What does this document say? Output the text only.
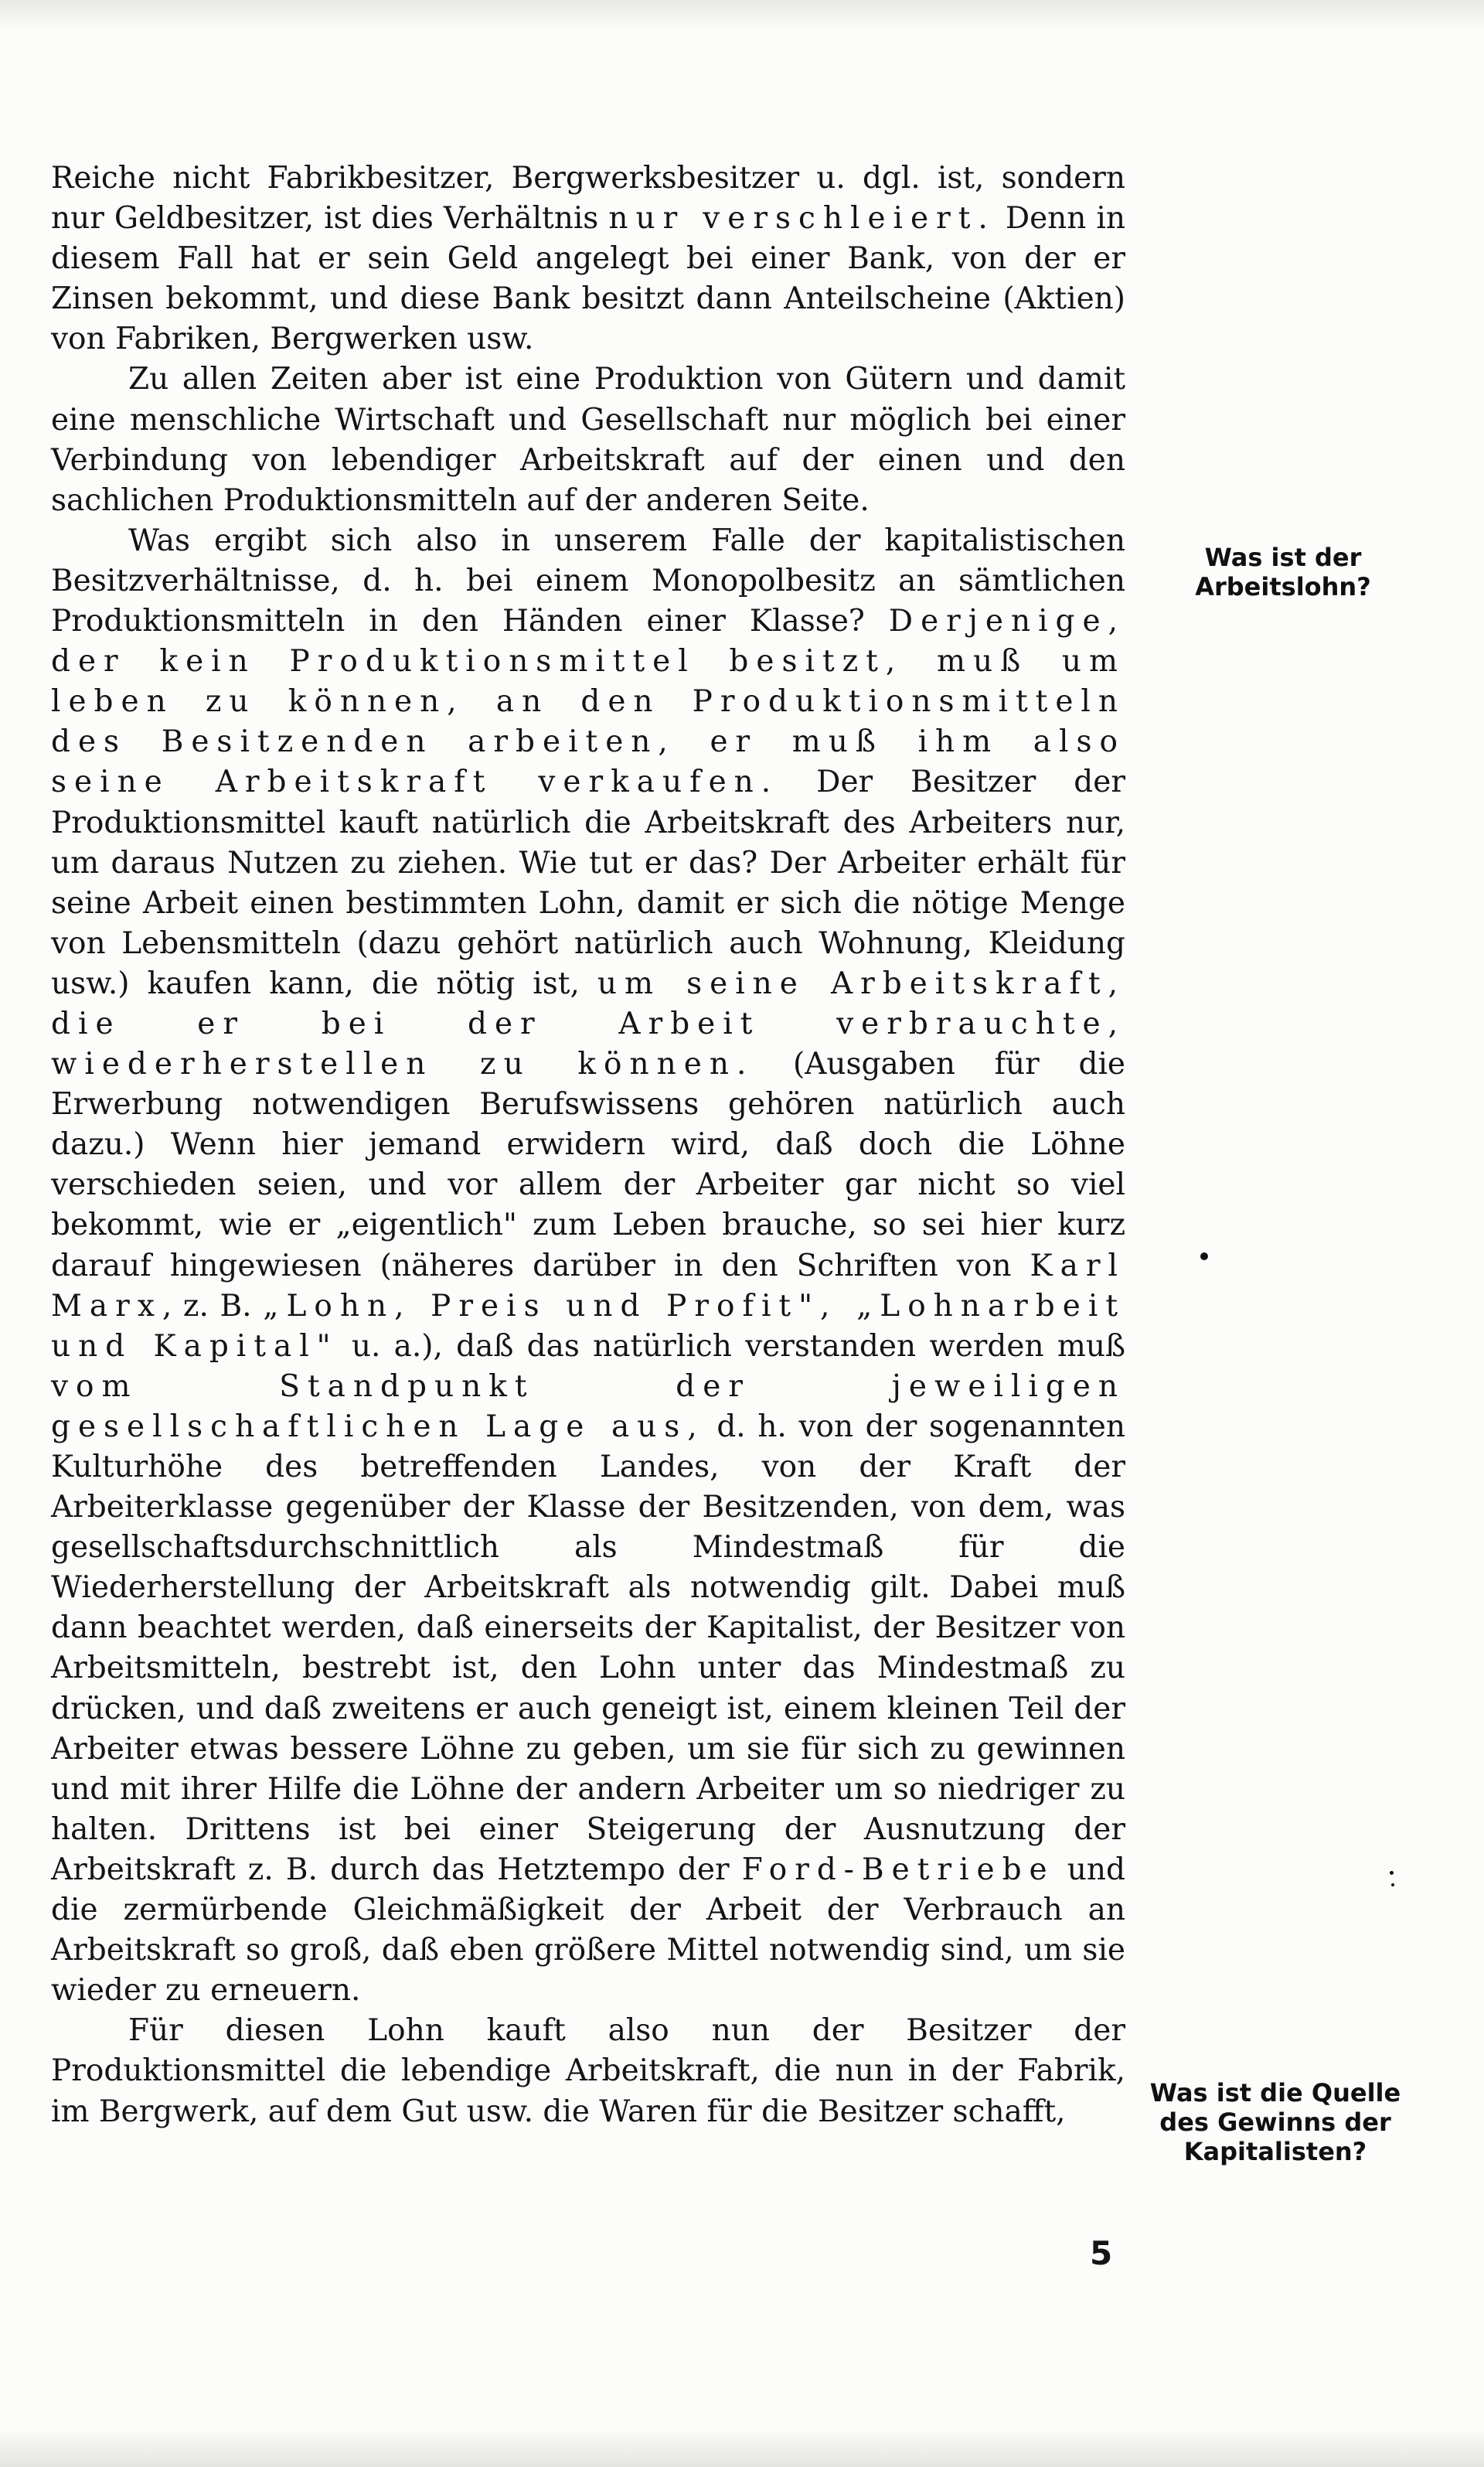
Reiche nicht Fabrikbesitzer, Bergwerksbesitzer u. dgl. ist, sondern nur Geldbesitzer, ist dies Verhältnis nur verschleiert. Denn in diesem Fall hat er sein Geld angelegt bei einer Bank, von der er Zinsen bekommt, und diese Bank besitzt dann Anteilscheine (Aktien) von Fabriken, Bergwerken usw.

Zu allen Zeiten aber ist eine Produktion von Gütern und damit eine menschliche Wirtschaft und Gesellschaft nur möglich bei einer Verbindung von lebendiger Arbeitskraft auf der einen und den sachlichen Produktionsmitteln auf der anderen Seite.

Was ergibt sich also in unserem Falle der kapitalistischen Besitzverhältnisse, d. h. bei einem Monopolbesitz an sämtlichen Produktionsmitteln in den Händen einer Klasse? Derjenige, der kein Produktionsmittel besitzt, muß um leben zu können, an den Produktionsmitteln des Besitzenden arbeiten, er muß ihm also seine Arbeitskraft verkaufen. Der Besitzer der Produktionsmittel kauft natürlich die Arbeitskraft des Arbeiters nur, um daraus Nutzen zu ziehen. Wie tut er das? Der Arbeiter erhält für seine Arbeit einen bestimmten Lohn, damit er sich die nötige Menge von Lebensmitteln (dazu gehört natürlich auch Wohnung, Kleidung usw.) kaufen kann, die nötig ist, um seine Arbeitskraft, die er bei der Arbeit verbrauchte, wiederherstellen zu können. (Ausgaben für die Erwerbung notwendigen Berufswissens gehören natürlich auch dazu.) Wenn hier jemand erwidern wird, daß doch die Löhne verschieden seien, und vor allem der Arbeiter gar nicht so viel bekommt, wie er „eigentlich" zum Leben brauche, so sei hier kurz darauf hingewiesen (näheres darüber in den Schriften von Karl Marx, z. B. „Lohn, Preis und Profit", „Lohnarbeit und Kapital" u. a.), daß das natürlich verstanden werden muß vom Standpunkt der jeweiligen gesellschaftlichen Lage aus, d. h. von der sogenannten Kulturhöhe des betreffenden Landes, von der Kraft der Arbeiterklasse gegenüber der Klasse der Besitzenden, von dem, was gesellschaftsdurchschnittlich als Mindestmaß für die Wiederherstellung der Arbeitskraft als notwendig gilt. Dabei muß dann beachtet werden, daß einerseits der Kapitalist, der Besitzer von Arbeitsmitteln, bestrebt ist, den Lohn unter das Mindestmaß zu drücken, und daß zweitens er auch geneigt ist, einem kleinen Teil der Arbeiter etwas bessere Löhne zu geben, um sie für sich zu gewinnen und mit ihrer Hilfe die Löhne der andern Arbeiter um so niedriger zu halten. Drittens ist bei einer Steigerung der Ausnutzung der Arbeitskraft z. B. durch das Hetztempo der Ford-Betriebe und die zermürbende Gleichmäßigkeit der Arbeit der Verbrauch an Arbeitskraft so groß, daß eben größere Mittel notwendig sind, um sie wieder zu erneuern.

Für diesen Lohn kauft also nun der Besitzer der Produktionsmittel die lebendige Arbeitskraft, die nun in der Fabrik, im Bergwerk, auf dem Gut usw. die Waren für die Besitzer schafft,

Was ist der Arbeitslohn?
Was ist die Quelle des Gewinns der Kapitalisten?
5
